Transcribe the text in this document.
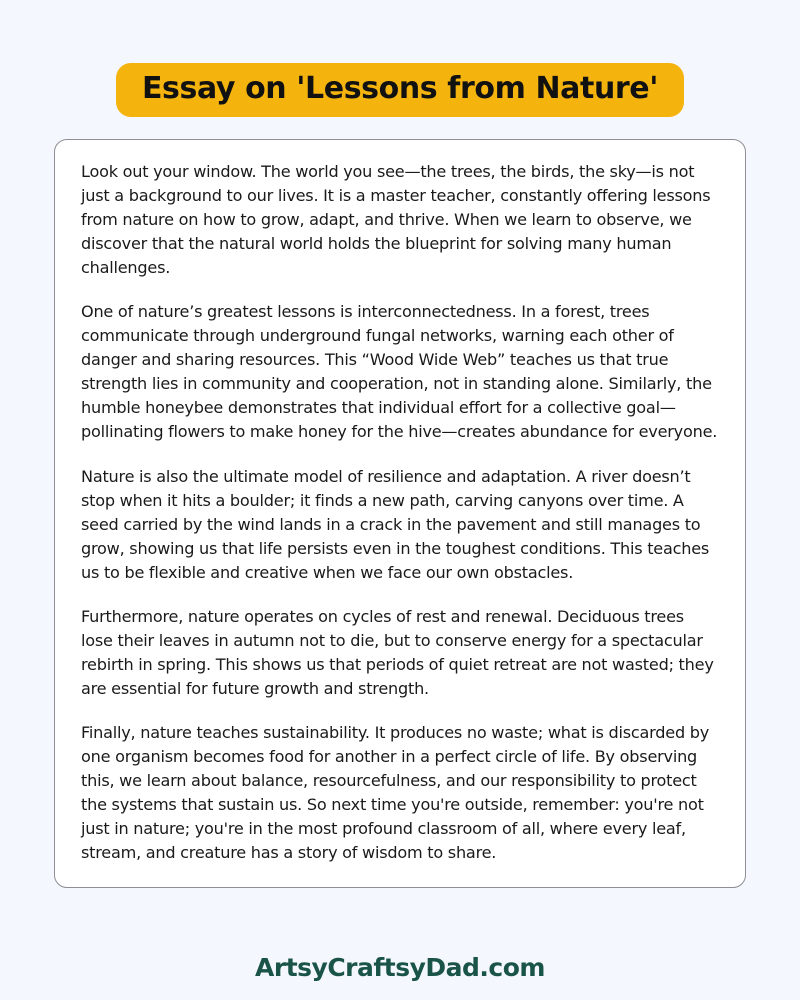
Essay on 'Lessons from Nature'

Look out your window. The world you see—the trees, the birds, the sky—is not just a background to our lives. It is a master teacher, constantly offering lessons from nature on how to grow, adapt, and thrive. When we learn to observe, we discover that the natural world holds the blueprint for solving many human challenges.

One of nature’s greatest lessons is interconnectedness. In a forest, trees communicate through underground fungal networks, warning each other of danger and sharing resources. This “Wood Wide Web” teaches us that true strength lies in community and cooperation, not in standing alone. Similarly, the humble honeybee demonstrates that individual effort for a collective goal—pollinating flowers to make honey for the hive—creates abundance for everyone.

Nature is also the ultimate model of resilience and adaptation. A river doesn’t stop when it hits a boulder; it finds a new path, carving canyons over time. A seed carried by the wind lands in a crack in the pavement and still manages to grow, showing us that life persists even in the toughest conditions. This teaches us to be flexible and creative when we face our own obstacles.

Furthermore, nature operates on cycles of rest and renewal. Deciduous trees lose their leaves in autumn not to die, but to conserve energy for a spectacular rebirth in spring. This shows us that periods of quiet retreat are not wasted; they are essential for future growth and strength.

Finally, nature teaches sustainability. It produces no waste; what is discarded by one organism becomes food for another in a perfect circle of life. By observing this, we learn about balance, resourcefulness, and our responsibility to protect the systems that sustain us. So next time you're outside, remember: you're not just in nature; you're in the most profound classroom of all, where every leaf, stream, and creature has a story of wisdom to share.

ArtsyCraftsyDad.com
